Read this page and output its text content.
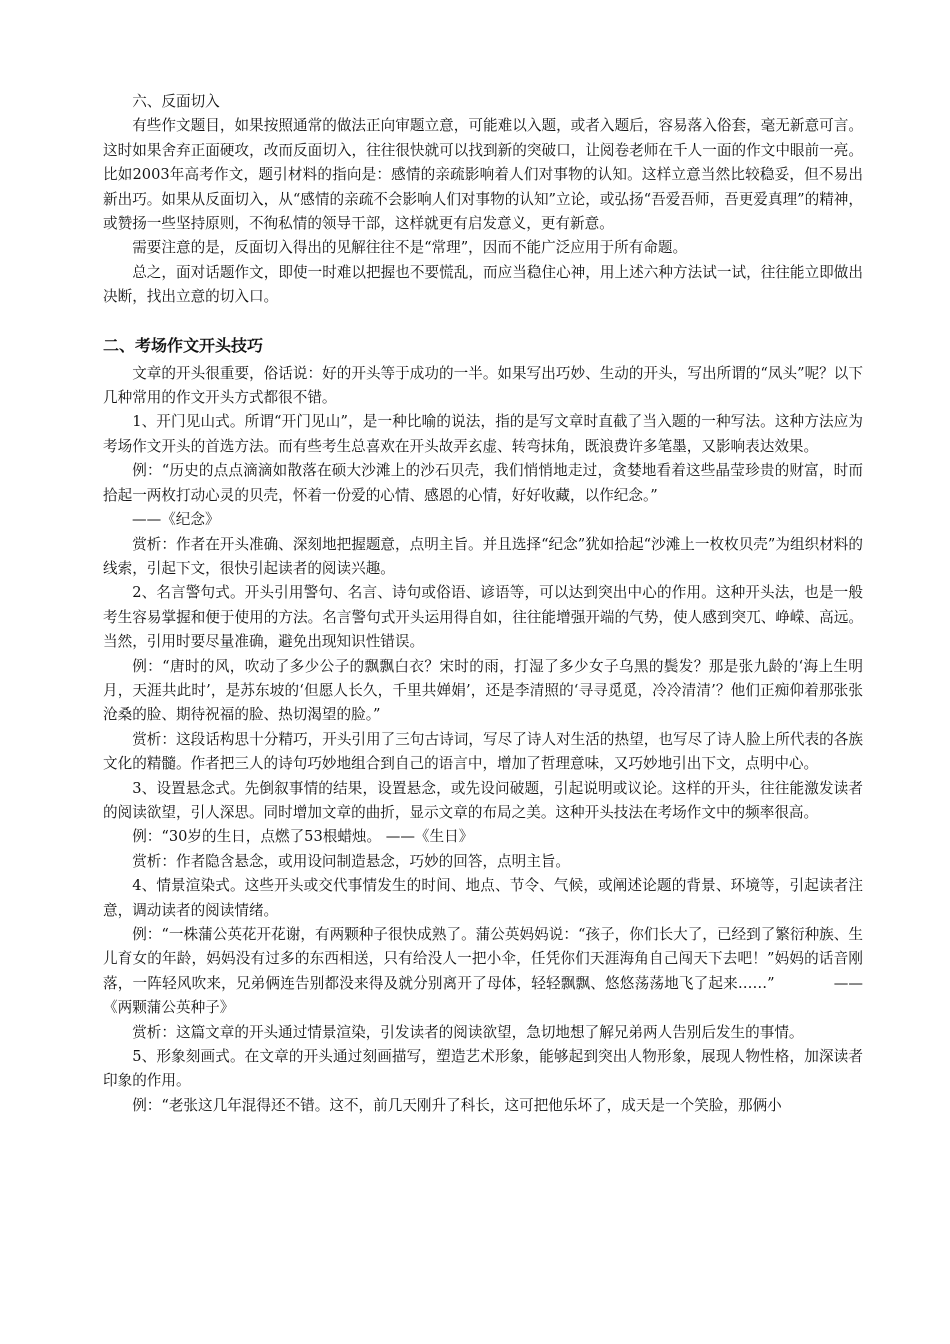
六、反面切入

有些作文题目，如果按照通常的做法正向审题立意，可能难以入题，或者入题后，容易落入俗套，毫无新意可言。这时如果舍弃正面硬攻，改而反面切入，往往很快就可以找到新的突破口，让阅卷老师在千人一面的作文中眼前一亮。比如2003年高考作文，题引材料的指向是：感情的亲疏影响着人们对事物的认知。这样立意当然比较稳妥，但不易出新出巧。如果从反面切入，从“感情的亲疏不会影响人们对事物的认知”立论，或弘扬“吾爱吾师，吾更爱真理”的精神，或赞扬一些坚持原则，不徇私情的领导干部，这样就更有启发意义，更有新意。

需要注意的是，反面切入得出的见解往往不是“常理”，因而不能广泛应用于所有命题。

总之，面对话题作文，即使一时难以把握也不要慌乱，而应当稳住心神，用上述六种方法试一试，往往能立即做出决断，找出立意的切入口。

二、考场作文开头技巧

文章的开头很重要，俗话说：好的开头等于成功的一半。如果写出巧妙、生动的开头，写出所谓的“凤头”呢？以下几种常用的作文开头方式都很不错。

1、开门见山式。所谓“开门见山”，是一种比喻的说法，指的是写文章时直截了当入题的一种写法。这种方法应为考场作文开头的首选方法。而有些考生总喜欢在开头故弄玄虚、转弯抹角，既浪费许多笔墨，又影响表达效果。

例：“历史的点点滴滴如散落在硕大沙滩上的沙石贝壳，我们悄悄地走过，贪婪地看着这些晶莹珍贵的财富，时而拾起一两枚打动心灵的贝壳，怀着一份爱的心情、感恩的心情，好好收藏，以作纪念。”

——《纪念》

赏析：作者在开头准确、深刻地把握题意，点明主旨。并且选择“纪念”犹如拾起“沙滩上一枚枚贝壳”为组织材料的线索，引起下文，很快引起读者的阅读兴趣。

2、名言警句式。开头引用警句、名言、诗句或俗语、谚语等，可以达到突出中心的作用。这种开头法，也是一般考生容易掌握和便于使用的方法。名言警句式开头运用得自如，往往能增强开端的气势，使人感到突兀、峥嵘、高远。当然，引用时要尽量准确，避免出现知识性错误。

例：“唐时的风，吹动了多少公子的飘飘白衣？宋时的雨，打湿了多少女子乌黑的鬓发？那是张九龄的‘海上生明月，天涯共此时’，是苏东坡的‘但愿人长久，千里共婵娟’，还是李清照的‘寻寻觅觅，冷冷清清’？他们正痴仰着那张张沧桑的脸、期待祝福的脸、热切渴望的脸。”

赏析：这段话构思十分精巧，开头引用了三句古诗词，写尽了诗人对生活的热望，也写尽了诗人脸上所代表的各族文化的精髓。作者把三人的诗句巧妙地组合到自己的语言中，增加了哲理意味，又巧妙地引出下文，点明中心。

3、设置悬念式。先倒叙事情的结果，设置悬念，或先设问破题，引起说明或议论。这样的开头，往往能激发读者的阅读欲望，引人深思。同时增加文章的曲折，显示文章的布局之美。这种开头技法在考场作文中的频率很高。

例：“30岁的生日，点燃了53根蜡烛。 ——《生日》

赏析：作者隐含悬念，或用设问制造悬念，巧妙的回答，点明主旨。

4、情景渲染式。这些开头或交代事情发生的时间、地点、节令、气候，或阐述论题的背景、环境等，引起读者注意，调动读者的阅读情绪。

例：“一株蒲公英花开花谢，有两颗种子很快成熟了。蒲公英妈妈说：“孩子，你们长大了，已经到了繁衍种族、生儿育女的年龄，妈妈没有过多的东西相送，只有给没人一把小伞，任凭你们天涯海角自己闯天下去吧！”妈妈的话音刚落，一阵轻风吹来，兄弟俩连告别都没来得及就分别离开了母体，轻轻飘飘、悠悠荡荡地飞了起来……”　　　　——《两颗蒲公英种子》

赏析：这篇文章的开头通过情景渲染，引发读者的阅读欲望，急切地想了解兄弟两人告别后发生的事情。

5、形象刻画式。在文章的开头通过刻画描写，塑造艺术形象，能够起到突出人物形象，展现人物性格，加深读者印象的作用。

例：“老张这几年混得还不错。这不，前几天刚升了科长，这可把他乐坏了，成天是一个笑脸，那俩小
